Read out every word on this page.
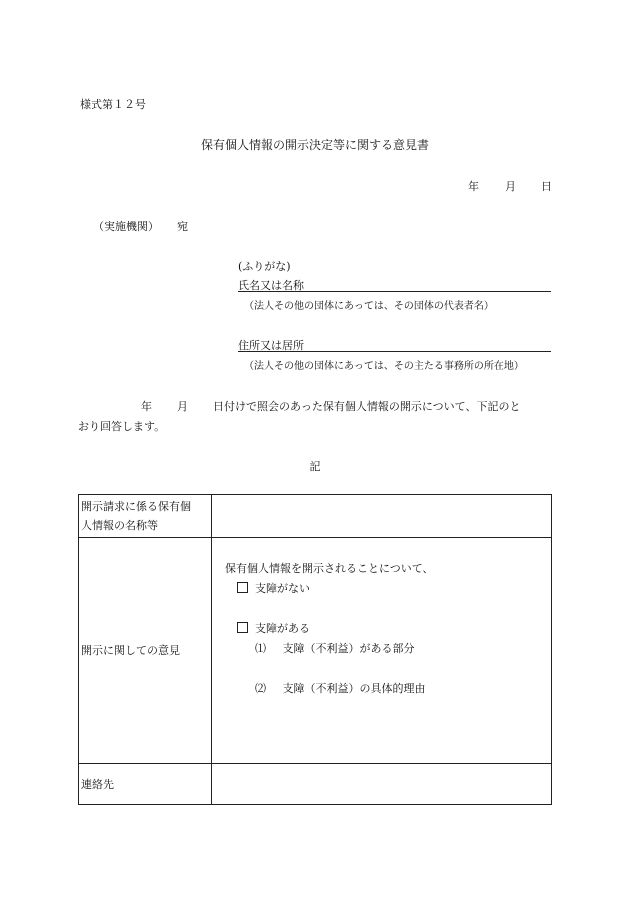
様式第１２号
保有個人情報の開示決定等に関する意見書
年 月 日
（実施機関） 宛
(ふりがな)
氏名又は名称
（法人その他の団体にあっては、その団体の代表者名）
住所又は居所
（法人その他の団体にあっては、その主たる事務所の所在地）
年 月 日付けで照会のあった保有個人情報の開示について、下記のと
おり回答します。
記
開示請求に係る保有個
人情報の名称等	

開示に関しての意見	保有個人情報を開示されることについて、
支障がない
支障がある
⑴ 支障（不利益）がある部分
⑵ 支障（不利益）の具体的理由

連絡先	
